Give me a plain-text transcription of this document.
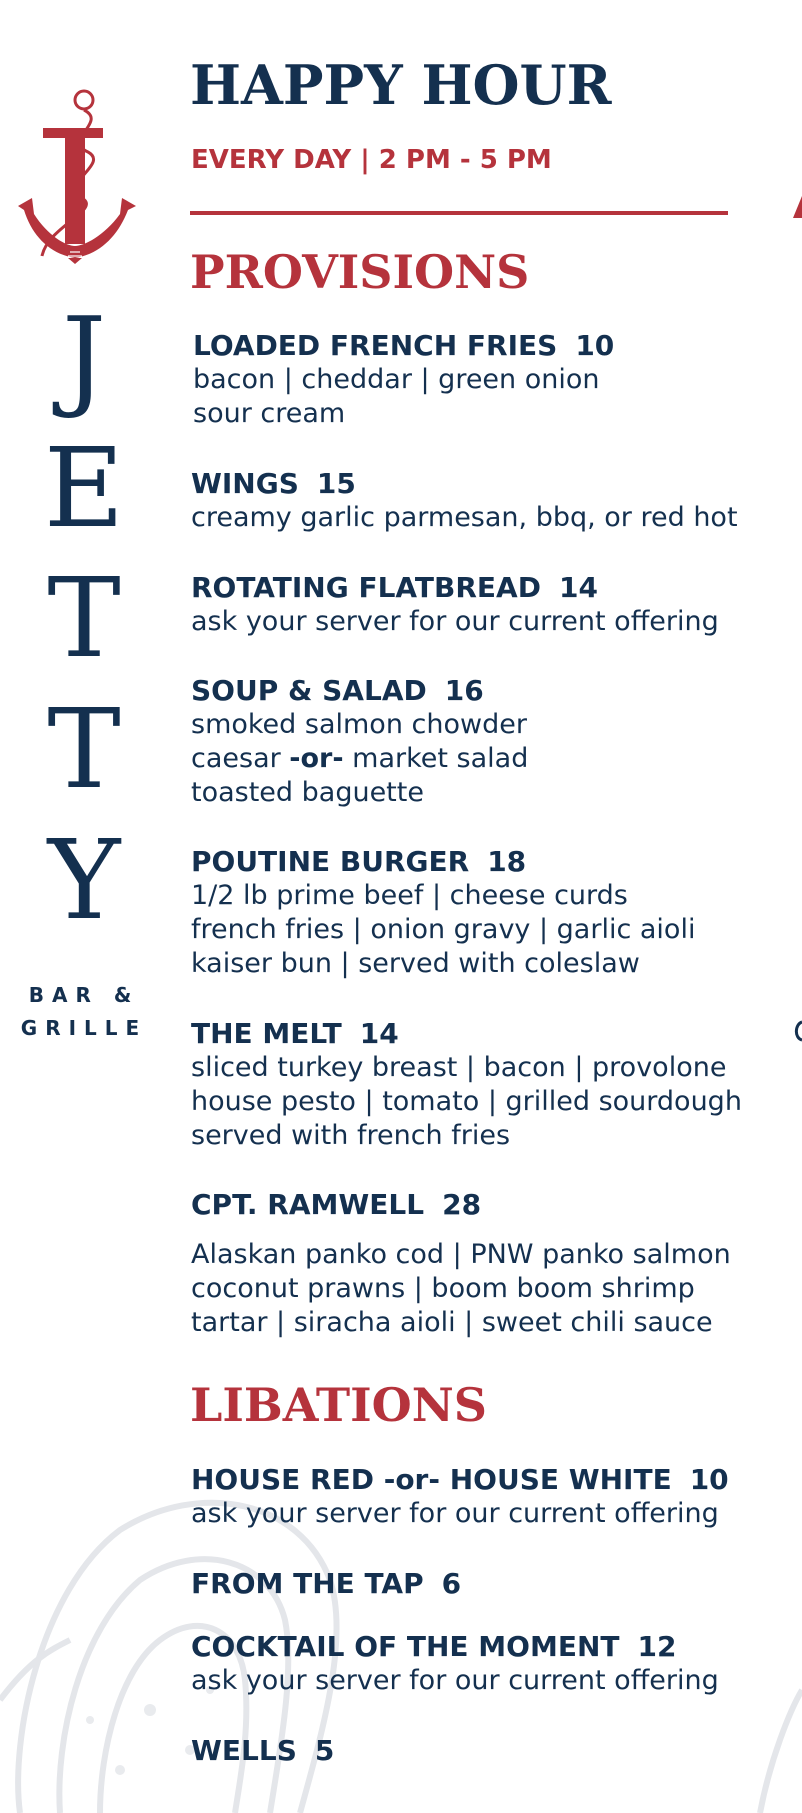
J
E
T
T
Y
BAR &
GRILLE
HAPPY HOUR
EVERY DAY | 2 PM - 5 PM
PROVISIONS
LOADED FRENCH FRIES 10
bacon | cheddar | green onion
sour cream
WINGS 15
creamy garlic parmesan, bbq, or red hot
ROTATING FLATBREAD 14
ask your server for our current offering
SOUP & SALAD 16
smoked salmon chowder
caesar -or- market salad
toasted baguette
POUTINE BURGER 18
1/2 lb prime beef | cheese curds
french fries | onion gravy | garlic aioli
kaiser bun | served with coleslaw
THE MELT 14
sliced turkey breast | bacon | provolone
house pesto | tomato | grilled sourdough
served with french fries
CPT. RAMWELL 28
Alaskan panko cod | PNW panko salmon
coconut prawns | boom boom shrimp
tartar | siracha aioli | sweet chili sauce
LIBATIONS
HOUSE RED -or- HOUSE WHITE 10
ask your server for our current offering
FROM THE TAP 6
COCKTAIL OF THE MOMENT 12
ask your server for our current offering
WELLS 5
